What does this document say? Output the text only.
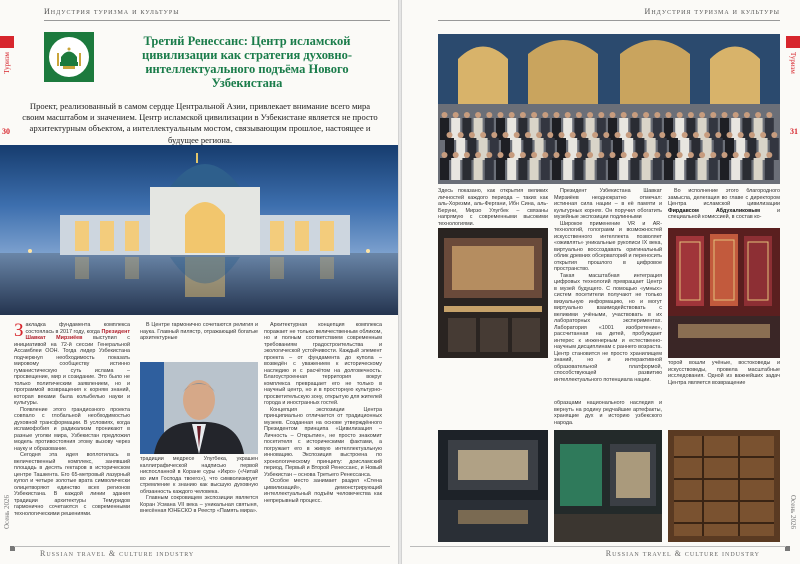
Индустрия туризма и культуры
Туризм
30
Осень 2026
Третий Ренессанс: Центр исламской цивилизации как стратегия духовно-интеллектуального подъёма Нового Узбекистана
Проект, реализованный в самом сердце Центральной Азии, привлекает внимание всего мира своим масштабом и значением. Центр исламской цивилизации в Узбекистане является не просто архитектурным объектом, а интеллектуальным мостом, связывающим прошлое, настоящее и будущее региона.
З акладка фундамента комплекса состоялась в 2017 году, когда Президент Шавкат Мирзиёев выступил с инициативой на 72-й сессии Генеральной Ассамблеи ООН. Тогда лидер Узбекистана подчеркнул необходимость показать мировому сообществу истинно гуманистическую суть ислама – просвещение, мир и созидание. Это было не только политическим заявлением, но и программой возвращения к корням знаний, которая веками была колыбелью науки и культуры.

Появление этого грандиозного проекта совпало с глобальной необходимостью духовной трансформации. В условиях, когда исламофобия и радикализм проникают в разные уголки мира, Узбекистан предложил модель противостояния этому вызову через науку и образование.

Сегодня эта идея воплотилась в величественный комплекс, занявший площадь в десять гектаров в историческом центре Ташкента. Его 65-метровый лазурный купол и четыре золотые врата символически олицетворяют единство всех регионов Узбекистана. В каждой линии здания традиции архитектуры Темуридов гармонично сочетаются с современными технологическими решениями.

В Центре гармонично сочетаются религия и наука. Главный пилястр, отражающий богатые архитектурные

традиции медресе Улугбека, украшен каллиграфической надписью первой ниспосланной в Коране суры «Икро» («Читай во имя Господа твоего»), что символизирует стремление к знанию как высшую духовную обязанность каждого человека.

Главным сокровищем экспозиции является Коран Усмана VII века – уникальная святыня, внесённая ЮНЕСКО в Реестр «Память мира».

Архитектурная концепция комплекса поражает не только величественным обликом, но и полным соответствием современным требованиям градостроительства и экологической устойчивости. Каждый элемент проекта – от фундамента до купола – возведён с уважением к историческому наследию и с расчётом на долговечность. Благоустроенная территория вокруг комплекса превращает его не только в научный центр, но и в просторную культурно-просветительскую зону, открытую для жителей города и иностранных гостей.

Концепция экспозиции Центра принципиально отличается от традиционных музеев. Созданная на основе утверждённого Президентом принципа «Цивилизация – Личность – Открытие», не просто знакомит посетителя с историческими фактами, а погружает его в живую интеллектуальную инновацию. Экспозиция выстроена по хронологическому принципу: доисламский период, Первый и Второй Ренессанс, и Новый Узбекистан – основа Третьего Ренессанса.

Особое место занимает раздел «Стена цивилизаций», демонстрирующий интеллектуальный подъём человечества как непрерывный процесс.

Russian travel & culture industry
Индустрия туризма и культуры
Туризм
31
Осень 2026

Здесь показано, как открытия великих личностей каждого периода – таких как аль-Хорезми, аль-Фергани, Ибн Сина, аль-Беруни, Мирзо Улугбек – связаны напрямую с современными высокими технологиями.

Президент Узбекистана Шавкат Мирзиёев неоднократно отмечал: истинная сила нации – в её памяти и культурных корнях. Он поручил обогатить музейные экспозиции подлинными

Широкое применение VR и AR-технологий, голограмм и возможностей искусственного интеллекта позволяет «оживлять» уникальные рукописи IX века, виртуально воссоздавать оригинальный облик древних обсерваторий и переносить открытия прошлого в цифровое пространство.

Такая масштабная интеграция цифровых технологий превращает Центр в музей будущего. С помощью «умных» систем посетители получают не только визуальную информацию, но и могут виртуально взаимодействовать с великими учёными, участвовать в их лабораторных экспериментах. Лаборатория «1001 изобретение», рассчитанная на детей, пробуждает интерес к инженерным и естественно-научным дисциплинам с раннего возраста. Центр становится не просто хранилищем знаний, но и интерактивной образовательной платформой, способствующей развитию интеллектуального потенциала нации.

Во исполнение этого благородного замысла, делегация во главе с директором Центра исламской цивилизации Фирдавсом Абдухаликовым и специальной комиссией, в состав ко-

образцами национального наследия и вернуть на родину редчайшие артефакты, хранящие дух и историю узбекского народа.

торой вошли учёные, востоковеды и искусствоведы, провела масштабные исследования. Одной из важнейших задач Центра является возвращение

Russian travel & culture industry
